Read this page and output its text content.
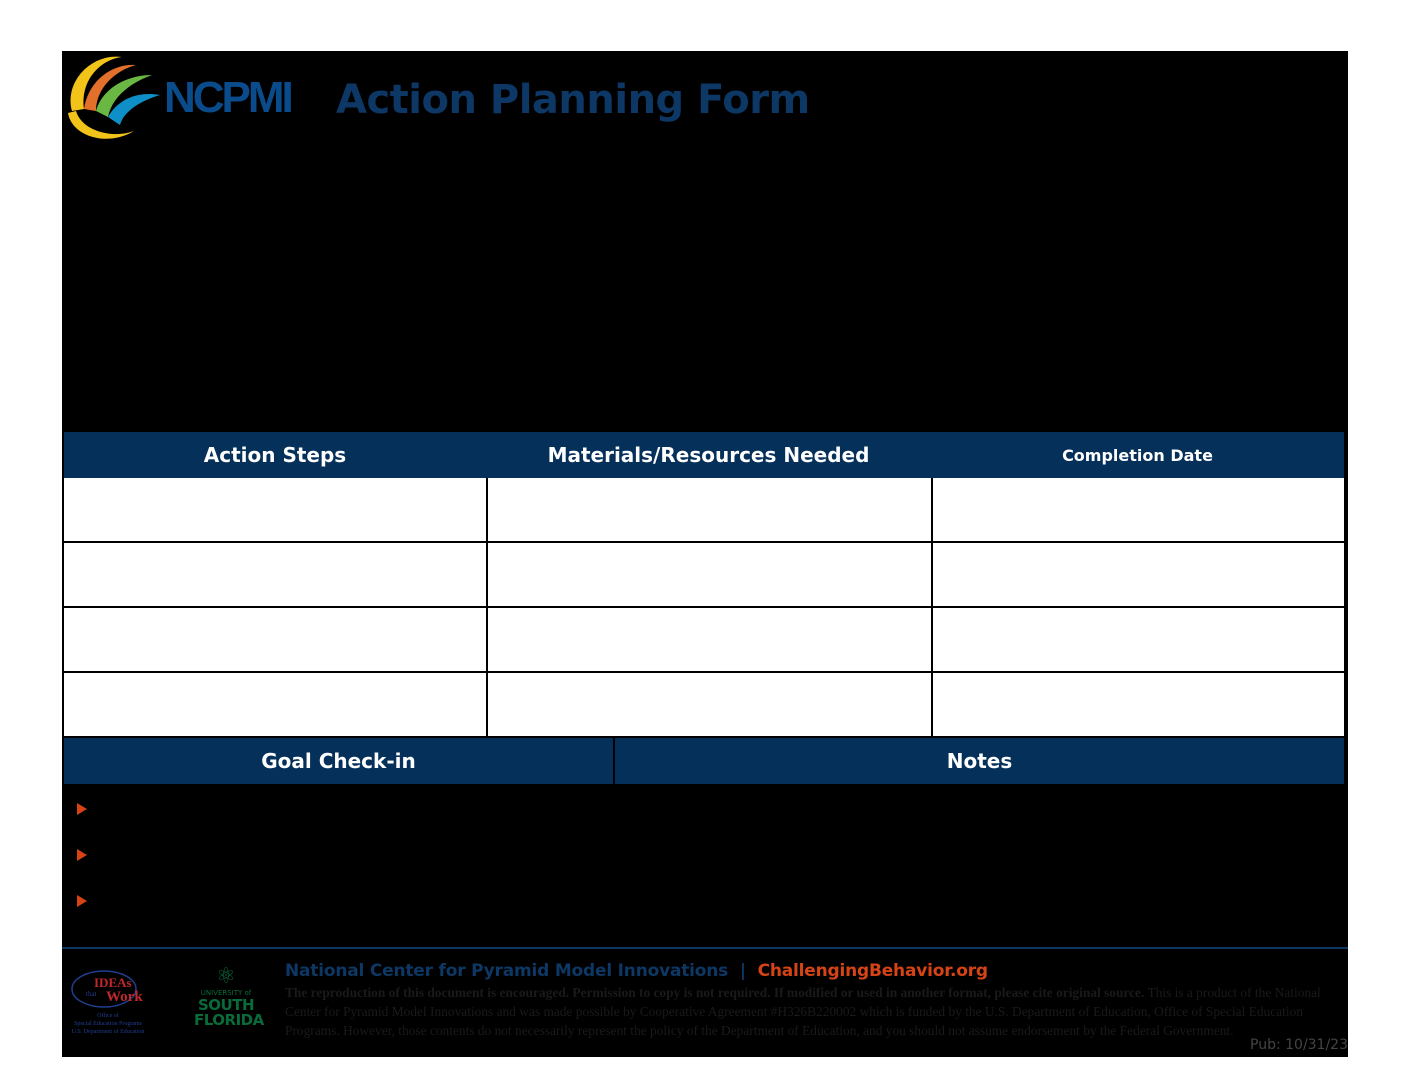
NCPMI Action Planning Form
Action Steps	Materials/Resources Needed	Completion Date
Goal Check-in	Notes
IDEAs
that Work
Office of
Special Education Programs
U.S. Department of Education
⚛
UNIVERSITY of
SOUTH
FLORIDA
National Center for Pyramid Model Innovations | ChallengingBehavior.org
The reproduction of this document is encouraged. Permission to copy is not required. If modified or used in another format, please cite original source. This is a product of the National Center for Pyramid Model Innovations and was made possible by Cooperative Agreement #H326B220002 which is funded by the U.S. Department of Education, Office of Special Education Programs. However, those contents do not necessarily represent the policy of the Department of Education, and you should not assume endorsement by the Federal Government.
Pub: 10/31/23
